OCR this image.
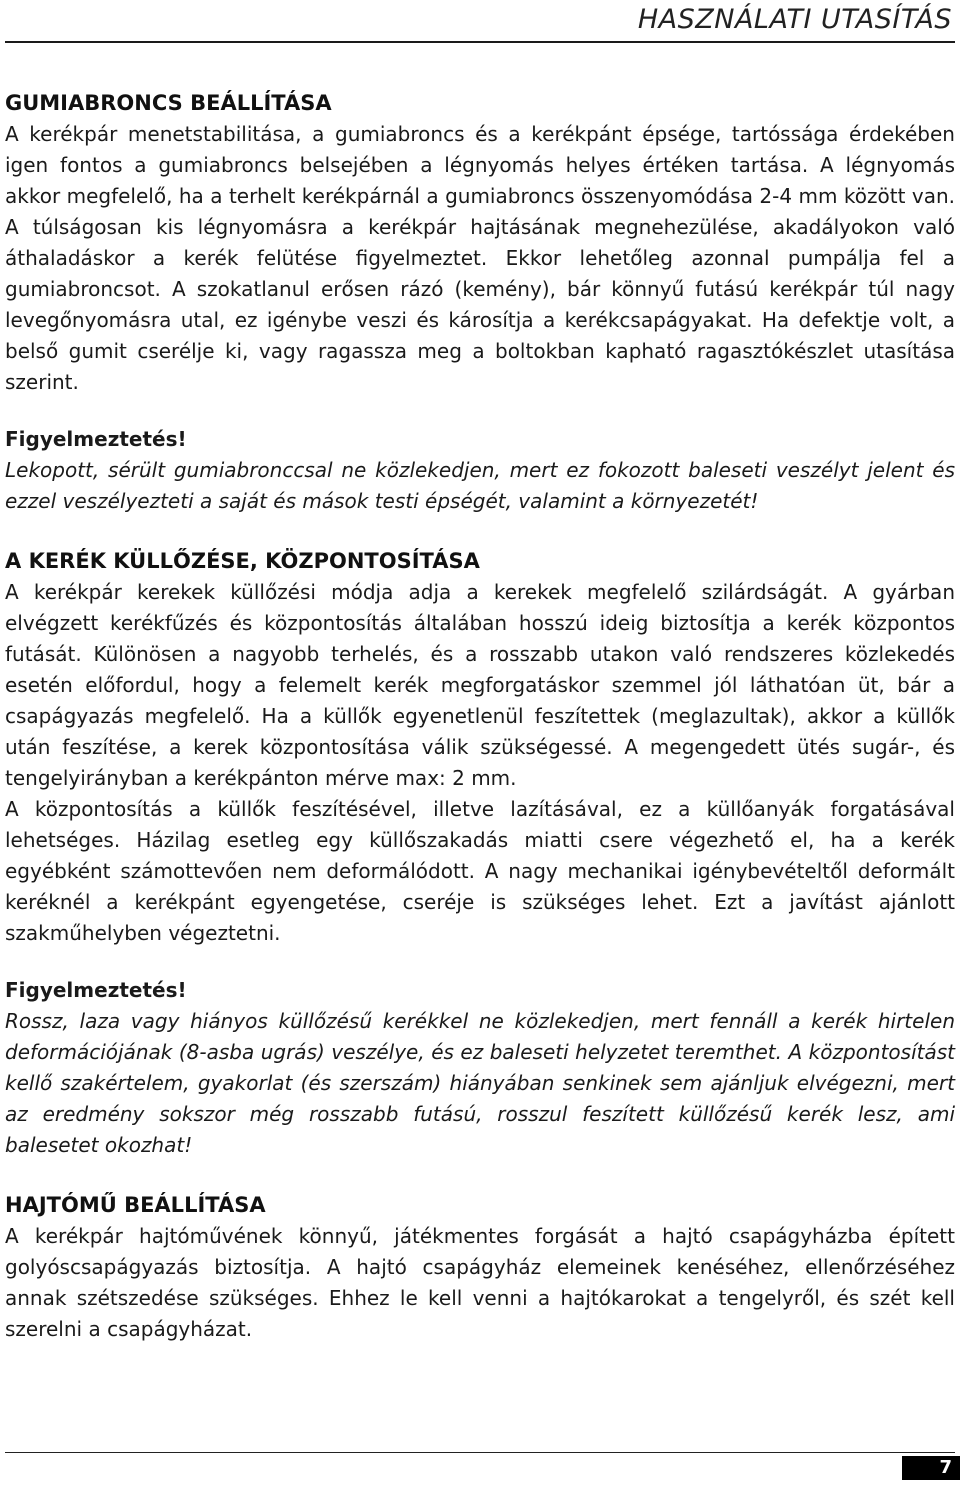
HASZNÁLATI UTASÍTÁS
GUMIABRONCS BEÁLLÍTÁSA

A kerékpár menetstabilitása, a gumiabroncs és a kerékpánt épsége, tartóssága érdekében igen fontos a gumiabroncs belsejében a légnyomás helyes értéken tartása. A légnyomás akkor megfelelő, ha a terhelt kerékpárnál a gumiabroncs összenyomódása 2-4 mm között van. A túlságosan kis légnyomásra a kerékpár hajtásának megnehezülése, akadályokon való áthaladáskor a kerék felütése figyelmeztet. Ekkor lehetőleg azonnal pumpálja fel a gumiabroncsot. A szokatlanul erősen rázó (kemény), bár könnyű futású kerékpár túl nagy levegőnyomásra utal, ez igénybe veszi és károsítja a kerékcsapágyakat. Ha defektje volt, a belső gumit cserélje ki, vagy ragassza meg a boltokban kapható ragasztókészlet utasítása szerint.

Figyelmeztetés!

Lekopott, sérült gumiabronccsal ne közlekedjen, mert ez fokozott baleseti veszélyt jelent és ezzel veszélyezteti a saját és mások testi épségét, valamint a környezetét!

A KERÉK KÜLLŐZÉSE, KÖZPONTOSÍTÁSA

A kerékpár kerekek küllőzési módja adja a kerekek megfelelő szilárdságát. A gyárban elvégzett kerékfűzés és központosítás általában hosszú ideig biztosítja a kerék központos futását. Különösen a nagyobb terhelés, és a rosszabb utakon való rendszeres közlekedés esetén előfordul, hogy a felemelt kerék megforgatáskor szemmel jól láthatóan üt, bár a csapágyazás megfelelő. Ha a küllők egyenetlenül feszítettek (meglazultak), akkor a küllők után feszítése, a kerek központosítása válik szükségessé. A megengedett ütés sugár-, és tengelyirányban a kerékpánton mérve max: 2 mm.

A központosítás a küllők feszítésével, illetve lazításával, ez a küllőanyák forgatásával lehetséges. Házilag esetleg egy küllőszakadás miatti csere végezhető el, ha a kerék egyébként számottevően nem deformálódott. A nagy mechanikai igénybevételtől deformált keréknél a kerékpánt egyengetése, cseréje is szükséges lehet. Ezt a javítást ajánlott szakműhelyben végeztetni.

Figyelmeztetés!

Rossz, laza vagy hiányos küllőzésű kerékkel ne közlekedjen, mert fennáll a kerék hirtelen deformációjának (8-asba ugrás) veszélye, és ez baleseti helyzetet teremthet. A központosítást kellő szakértelem, gyakorlat (és szerszám) hiányában senkinek sem ajánljuk elvégezni, mert az eredmény sokszor még rosszabb futású, rosszul feszített küllőzésű kerék lesz, ami balesetet okozhat!

HAJTÓMŰ BEÁLLÍTÁSA

A kerékpár hajtóművének könnyű, játékmentes forgását a hajtó csapágyházba épített golyóscsapágyazás biztosítja. A hajtó csapágyház elemeinek kenéséhez, ellenőrzéséhez annak szétszedése szükséges. Ehhez le kell venni a hajtókarokat a tengelyről, és szét kell szerelni a csapágyházat.

7
